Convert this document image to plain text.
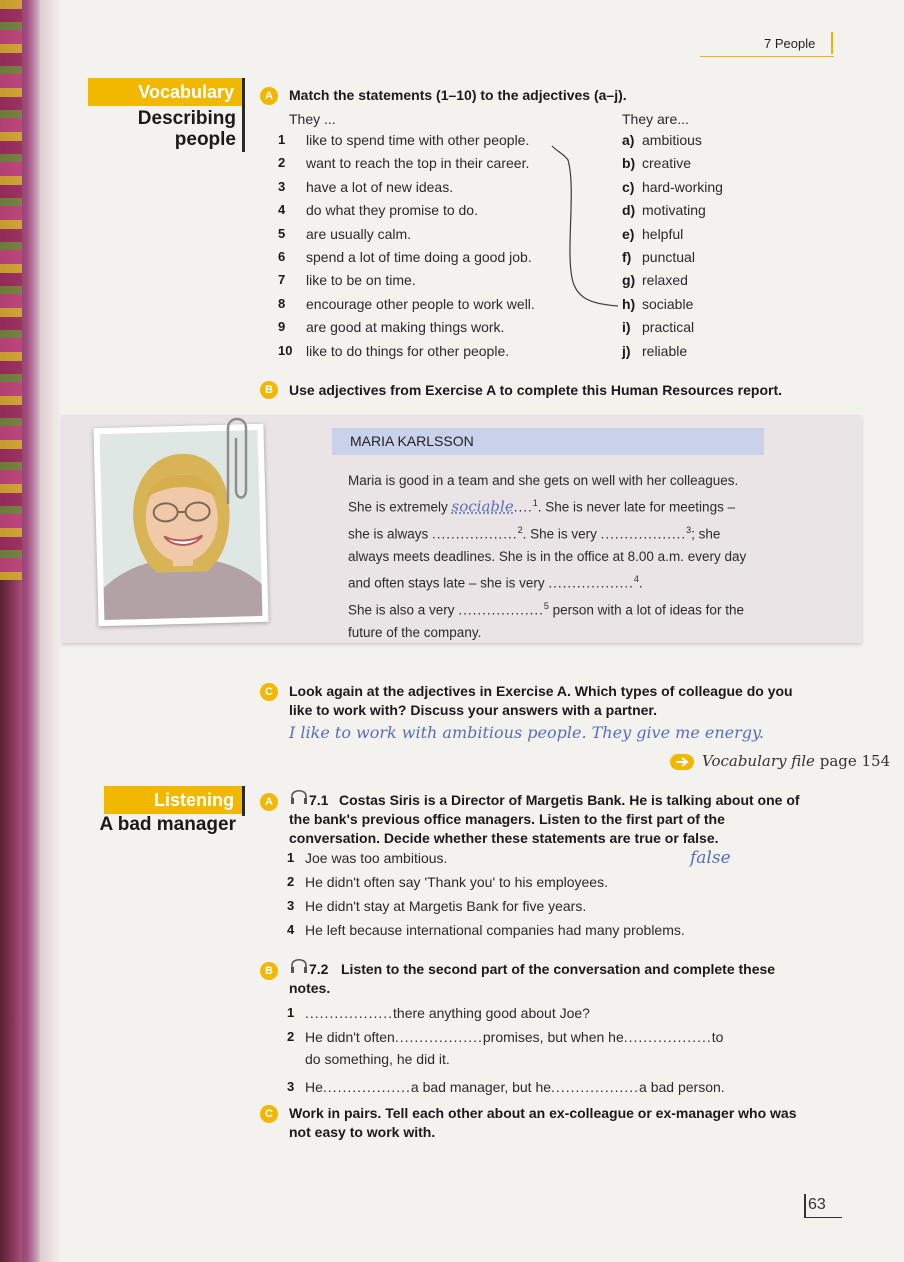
7 People
Vocabulary
Describing
people
A	Match the statements (1–10) to the adjectives (a–j).
They ...	They are...
1	like to spend time with other people.
2	want to reach the top in their career.
3	have a lot of new ideas.
4	do what they promise to do.
5	are usually calm.
6	spend a lot of time doing a good job.
7	like to be on time.
8	encourage other people to work well.
9	are good at making things work.
10 like to do things for other people.
a) ambitious
b) creative
c) hard-working
d) motivating
e) helpful
f) punctual
g) relaxed
h) sociable
i) practical
j) reliable
B	Use adjectives from Exercise A to complete this Human Resources report.
MARIA KARLSSON
Maria is good in a team and she gets on well with her colleagues.
She is extremely sociable....$^1$. She is never late for meetings –
she is always ..................$^2$. She is very ..................$^3$; she
always meets deadlines. She is in the office at 8.00 a.m. every day
and often stays late – she is very ..................$^4$.
She is also a very ..................$^5$ person with a lot of ideas for the
future of the company.
C	Look again at the adjectives in Exercise A. Which types of colleague do you
like to work with? Discuss your answers with a partner.
I like to work with ambitious people. They give me energy.
Vocabulary file page 154
Listening
A bad manager
A	7.1 Costas Siris is a Director of Margetis Bank. He is talking about one of
the bank's previous office managers. Listen to the first part of the
conversation. Decide whether these statements are true or false.
1 Joe was too ambitious.
2 He didn't often say 'Thank you' to his employees.
3 He didn't stay at Margetis Bank for five years.
4 He left because international companies had many problems.
false
B	7.2 Listen to the second part of the conversation and complete these
notes.
1 .................. there anything good about Joe?
2 He didn't often .................. promises, but when he .................. to
do something, he did it.
3 He .................. a bad manager, but he .................. a bad person.
C	Work in pairs. Tell each other about an ex-colleague or ex-manager who was
not easy to work with.
63
